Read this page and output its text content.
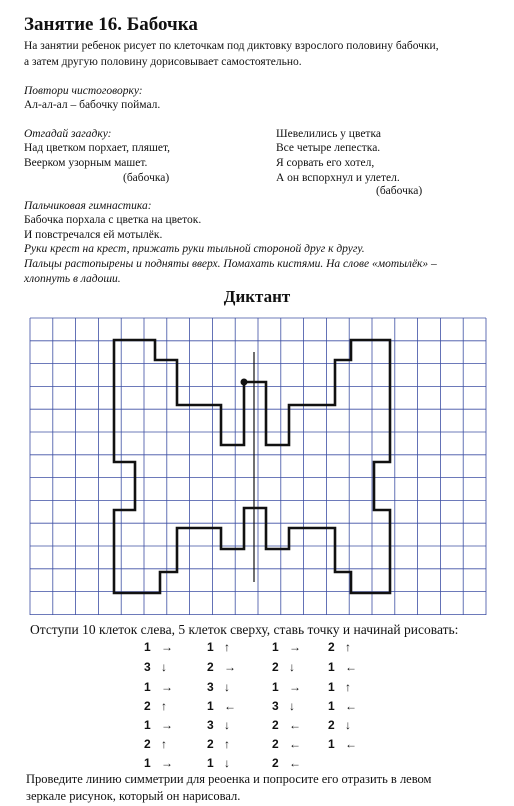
Занятие 16. Бабочка
На занятии ребенок рисует по клеточкам под диктовку взрослого половину бабочки,
а затем другую половину дорисовывает самостоятельно.
Повтори чистоговорку:
Ал-ал-ал – бабочку поймал.
Отгадай загадку:
Над цветком порхает, пляшет,
Веерком узорным машет.
(бабочка)
Шевелились у цветка
Все четыре лепестка.
Я сорвать его хотел,
А он вспорхнул и улетел.
(бабочка)
Пальчиковая гимнастика:
Бабочка порхала с цветка на цветок.
И повстречался ей мотылёк.
Руки крест на крест, прижать руки тыльной стороной друг к другу.
Пальцы растопырены и подняты вверх. Помахать кистями. На слове «мотылёк» –
хлопнуть в ладоши.
Диктант
Отступи 10 клеток слева, 5 клеток сверху, ставь точку и начинай рисовать:
1 →
3 ↓
1 →
2 ↑
1 →
2 ↑
1 →
1 ↑
2 →
3 ↓
1 ←
3 ↓
2 ↑
1 ↓
1 →
2 ↓
1 →
3 ↓
2 ←
2 ←
2 ←
2 ↑
1 ←
1 ↑
1 ←
2 ↓
1 ←
Проведите линию симметрии для реоенка и попросите его отразить в левом
зеркале рисунок, который он нарисовал.
